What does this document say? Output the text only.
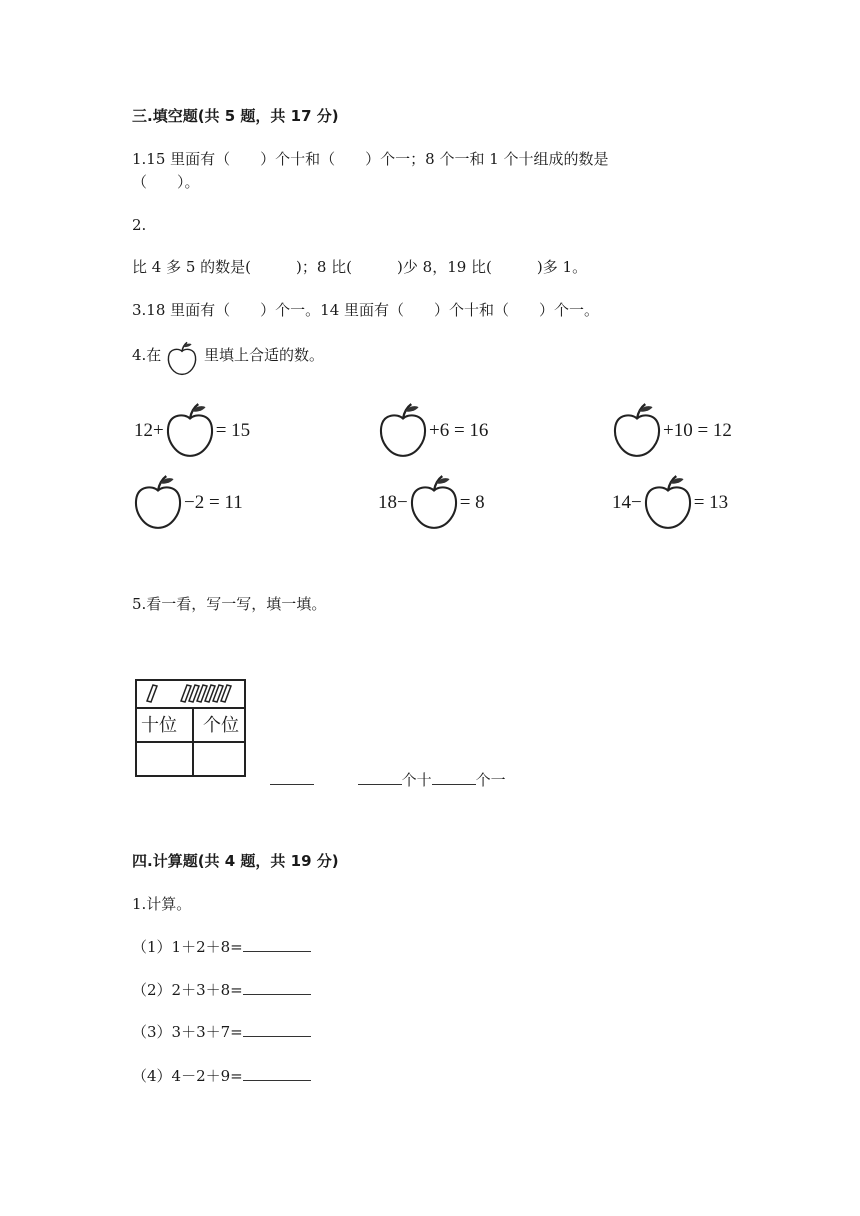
三.填空题(共 5 题，共 17 分)
1.15 里面有（　　）个十和（　　）个一；8 个一和 1 个十组成的数是
（　　）。
2.
比 4 多 5 的数是(　　　)；8 比(　　　)少 8，19 比(　　　)多 1。
3.18 里面有（　　）个一。14 里面有（　　）个十和（　　）个一。
4.在	里填上合适的数。
12+	= 15	+6 = 16	+10 = 12
−2 = 11	18−	= 8	14−	= 13
5.看一看，写一写，填一填。
十位 个位
个十	个一
四.计算题(共 4 题，共 19 分)
1.计算。
（1）1＋2＋8=
（2）2＋3＋8=
（3）3＋3＋7=
（4）4－2＋9=
